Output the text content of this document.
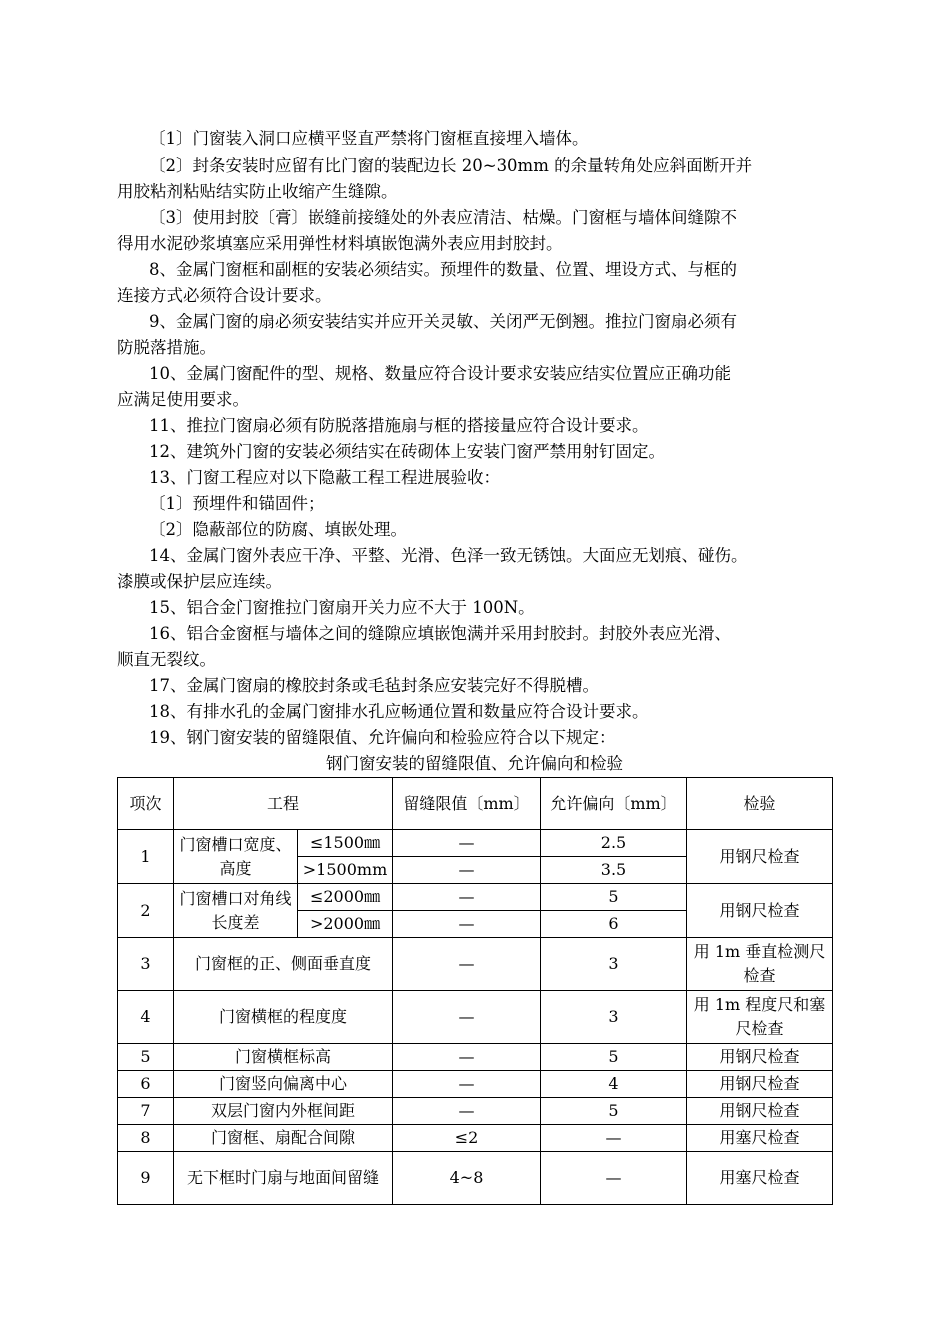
〔1〕门窗装入洞口应横平竖直严禁将门窗框直接埋入墙体。

〔2〕封条安装时应留有比门窗的装配边长 20~30mm 的余量转角处应斜面断开并
用胶粘剂粘贴结实防止收缩产生缝隙。

〔3〕使用封胶〔膏〕嵌缝前接缝处的外表应清洁、枯燥。门窗框与墙体间缝隙不
得用水泥砂浆填塞应采用弹性材料填嵌饱满外表应用封胶封。

8、金属门窗框和副框的安装必须结实。预埋件的数量、位置、埋设方式、与框的
连接方式必须符合设计要求。

9、金属门窗的扇必须安装结实并应开关灵敏、关闭严无倒翘。推拉门窗扇必须有
防脱落措施。

10、金属门窗配件的型、规格、数量应符合设计要求安装应结实位置应正确功能
应满足使用要求。

11、推拉门窗扇必须有防脱落措施扇与框的搭接量应符合设计要求。

12、建筑外门窗的安装必须结实在砖砌体上安装门窗严禁用射钉固定。

13、门窗工程应对以下隐蔽工程工程进展验收：

〔1〕预埋件和锚固件；

〔2〕隐蔽部位的防腐、填嵌处理。

14、金属门窗外表应干净、平整、光滑、色泽一致无锈蚀。大面应无划痕、碰伤。
漆膜或保护层应连续。

15、铝合金门窗推拉门窗扇开关力应不大于 100N。

16、铝合金窗框与墙体之间的缝隙应填嵌饱满并采用封胶封。封胶外表应光滑、
顺直无裂纹。

17、金属门窗扇的橡胶封条或毛毡封条应安装完好不得脱槽。

18、有排水孔的金属门窗排水孔应畅通位置和数量应符合设计要求。

19、钢门窗安装的留缝限值、允许偏向和检验应符合以下规定：

钢门窗安装的留缝限值、允许偏向和检验

项次	工程		留缝限值〔mm〕	允许偏向〔mm〕	检验
1	门窗槽口宽度、高度	≤1500㎜	—	2.5	用钢尺检查
		>1500mm	—	3.5	
2	门窗槽口对角线长度差	≤2000㎜	—	5	用钢尺检查
		>2000㎜	—	6	
3	门窗框的正、侧面垂直度		—	3	用 1m 垂直检测尺检查
4	门窗横框的程度度		—	3	用 1m 程度尺和塞尺检查
5	门窗横框标高		—	5	用钢尺检查
6	门窗竖向偏离中心		—	4	用钢尺检查
7	双层门窗内外框间距		—	5	用钢尺检查
8	门窗框、扇配合间隙		≤2	—	用塞尺检查
9	无下框时门扇与地面间留缝		4~8	—	用塞尺检查
